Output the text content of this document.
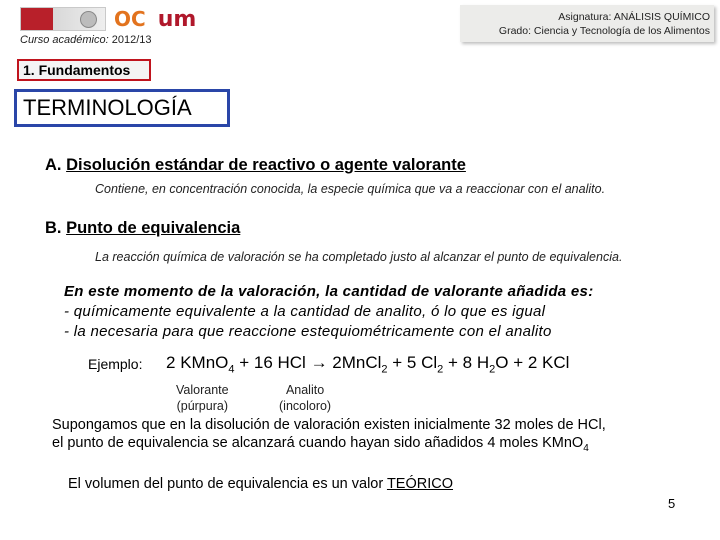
OC um
Curso académico: 2012/13
Asignatura: ANÁLISIS QUÍMICO
Grado: Ciencia y Tecnología de los Alimentos
1. Fundamentos
TERMINOLOGÍA
A. Disolución estándar de reactivo o agente valorante
Contiene, en concentración conocida, la especie química que va a reaccionar con el analito.
B. Punto de equivalencia
La reacción química de valoración se ha completado justo al alcanzar el punto de equivalencia.
En este momento de la valoración, la cantidad de valorante añadida es:
- químicamente equivalente a la cantidad de analito, ó lo que es igual
- la necesaria para que reaccione estequiométricamente con el analito
Ejemplo: 2 KMnO$_4$ + 16 HCl → 2MnCl$_2$ + 5 $Cl_2 + 8$ $H_2O + 2$ KCl
Valorante
(púrpura)
Analito
(incoloro)
Supongamos que en la disolución de valoración existen inicialmente 32 moles de HCl,
el punto de equivalencia se alcanzará cuando hayan sido añadidos 4 moles KMnO$_4$
El volumen del punto de equivalencia es un valor TEÓRICO
5
